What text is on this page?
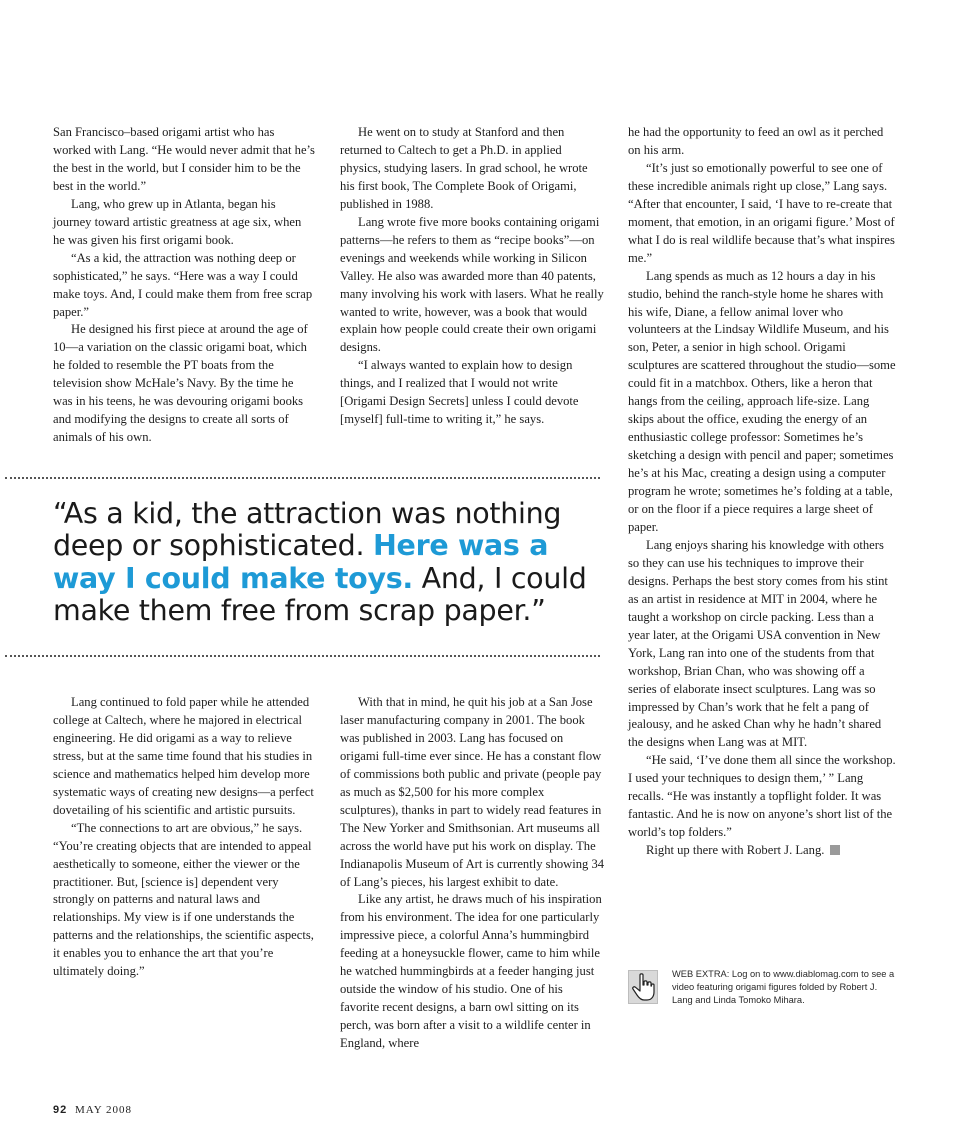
San Francisco–based origami artist who has worked with Lang. “He would never admit that he’s the best in the world, but I consider him to be the best in the world.”

Lang, who grew up in Atlanta, began his journey toward artistic greatness at age six, when he was given his first origami book.

“As a kid, the attraction was nothing deep or sophisticated,” he says. “Here was a way I could make toys. And, I could make them from free scrap paper.”

He designed his first piece at around the age of 10—a variation on the classic origami boat, which he folded to resemble the PT boats from the television show McHale’s Navy. By the time he was in his teens, he was devouring origami books and modifying the designs to create all sorts of animals of his own.

He went on to study at Stanford and then returned to Caltech to get a Ph.D. in applied physics, studying lasers. In grad school, he wrote his first book, The Complete Book of Origami, published in 1988.

Lang wrote five more books containing origami patterns—he refers to them as “recipe books”—on evenings and weekends while working in Silicon Valley. He also was awarded more than 40 patents, many involving his work with lasers. What he really wanted to write, however, was a book that would explain how people could create their own origami designs.

“I always wanted to explain how to design things, and I realized that I would not write [Origami Design Secrets] unless I could devote [myself] full-time to writing it,” he says.

he had the opportunity to feed an owl as it perched on his arm.

“It’s just so emotionally powerful to see one of these incredible animals right up close,” Lang says. “After that encounter, I said, ‘I have to re-create that moment, that emotion, in an origami figure.’ Most of what I do is real wildlife because that’s what inspires me.”

Lang spends as much as 12 hours a day in his studio, behind the ranch-style home he shares with his wife, Diane, a fellow animal lover who volunteers at the Lindsay Wildlife Museum, and his son, Peter, a senior in high school. Origami sculptures are scattered throughout the studio—some could fit in a matchbox. Others, like a heron that hangs from the ceiling, approach life-size. Lang skips about the office, exuding the energy of an enthusiastic college professor: Sometimes he’s sketching a design with pencil and paper; sometimes he’s at his Mac, creating a design using a computer program he wrote; sometimes he’s folding at a table, or on the floor if a piece requires a large sheet of paper.

Lang enjoys sharing his knowledge with others so they can use his techniques to improve their designs. Perhaps the best story comes from his stint as an artist in residence at MIT in 2004, where he taught a workshop on circle packing. Less than a year later, at the Origami USA convention in New York, Lang ran into one of the students from that workshop, Brian Chan, who was showing off a series of elaborate insect sculptures. Lang was so impressed by Chan’s work that he felt a pang of jealousy, and he asked Chan why he hadn’t shared the designs when Lang was at MIT.

“He said, ‘I’ve done them all since the workshop. I used your techniques to design them,’ ” Lang recalls. “He was instantly a topflight folder. It was fantastic. And he is now on anyone’s short list of the world’s top folders.”

Right up there with Robert J. Lang.

“As a kid, the attraction was nothing deep or sophisticated. Here was a way I could make toys. And, I could make them free from scrap paper.”

Lang continued to fold paper while he attended college at Caltech, where he majored in electrical engineering. He did origami as a way to relieve stress, but at the same time found that his studies in science and mathematics helped him develop more systematic ways of creating new designs—a perfect dovetailing of his scientific and artistic pursuits.

“The connections to art are obvious,” he says. “You’re creating objects that are intended to appeal aesthetically to someone, either the viewer or the practitioner. But, [science is] dependent very strongly on patterns and natural laws and relationships. My view is if one understands the patterns and the relationships, the scientific aspects, it enables you to enhance the art that you’re ultimately doing.”

With that in mind, he quit his job at a San Jose laser manufacturing company in 2001. The book was published in 2003. Lang has focused on origami full-time ever since. He has a constant flow of commissions both public and private (people pay as much as $2,500 for his more complex sculptures), thanks in part to widely read features in The New Yorker and Smithsonian. Art museums all across the world have put his work on display. The Indianapolis Museum of Art is currently showing 34 of Lang’s pieces, his largest exhibit to date.

Like any artist, he draws much of his inspiration from his environment. The idea for one particularly impressive piece, a colorful Anna’s hummingbird feeding at a honeysuckle flower, came to him while he watched hummingbirds at a feeder hanging just outside the window of his studio. One of his favorite recent designs, a barn owl sitting on its perch, was born after a visit to a wildlife center in England, where

WEB EXTRA: Log on to www.diablomag.com to see a video featuring origami figures folded by Robert J. Lang and Linda Tomoko Mihara.
92 MAY 2008
